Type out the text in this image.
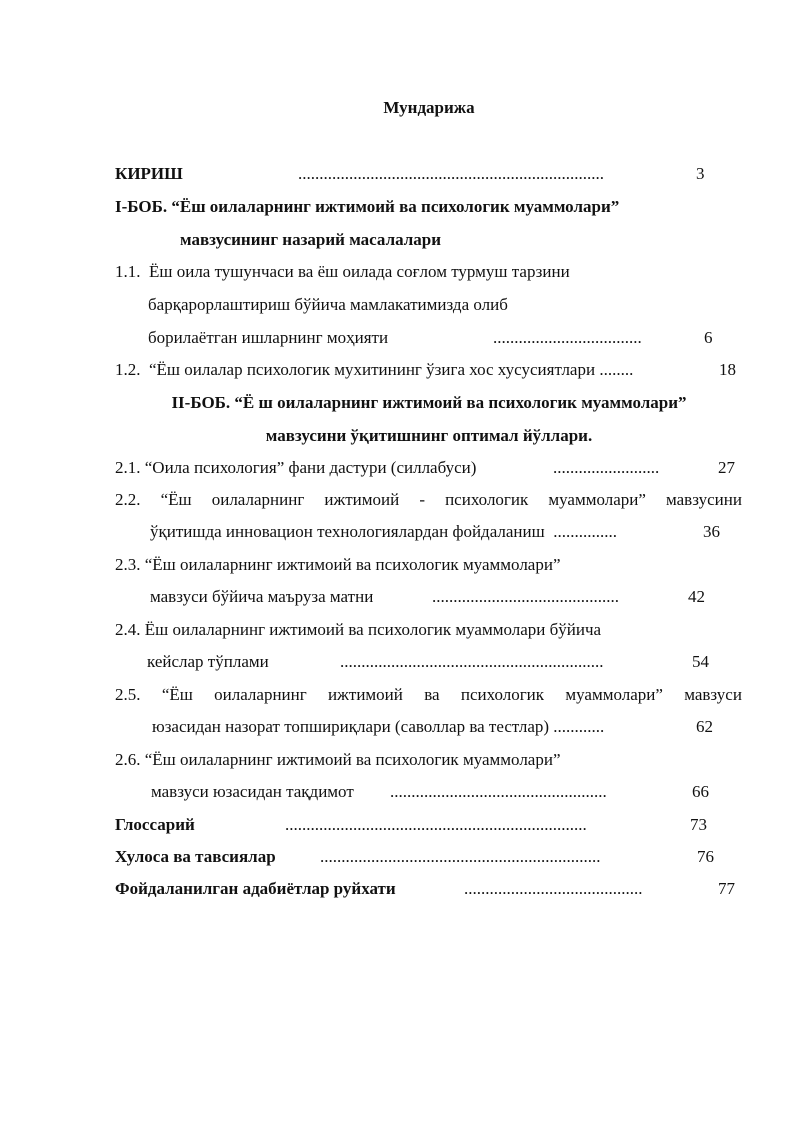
Мундарижа
КИРИШ	........................................................................	3
I-БОБ. “Ёш оилаларнинг ижтимоий ва психологик муаммолари”
мавзусининг назарий масалалари
1.1.  Ёш оила тушунчаси ва ёш оилада соғлом турмуш тарзини
барқарорлаштириш бўйича мамлакатимизда олиб
борилаётган ишларнинг моҳияти	...................................	6
1.2.  “Ёш оилалар психологик мухитининг ўзига хос хусусиятлари ........	18
II-БОБ. “Ё ш оилаларнинг ижтимоий ва психологик муаммолари”
мавзусини ўқитишнинг оптимал йўллари.
2.1. “Оила психология” фани дастури (силлабуси)	.........................	27
2.2. “Ёш оилаларнинг ижтимоий - психологик муаммолари” мавзусини
ўқитишда инновацион технологиялардан фойдаланиш  ...............	36
2.3. “Ёш оилаларнинг ижтимоий ва психологик муаммолари”
мавзуси бўйича маъруза матни	............................................	42
2.4. Ёш оилаларнинг ижтимоий ва психологик муаммолари бўйича
кейслар тўплами	..............................................................	54
2.5. “Ёш оилаларнинг ижтимоий ва психологик муаммолари” мавзуси
юзасидан назорат топшириқлари (саволлар ва тестлар) ............	62
2.6. “Ёш оилаларнинг ижтимоий ва психологик муаммолари”
мавзуси юзасидан тақдимот ...................................................	66
Глоссарий	.......................................................................	73
Хулоса ва тавсиялар	..................................................................	76
Фойдаланилган адабиётлар руйхати	..........................................	77
